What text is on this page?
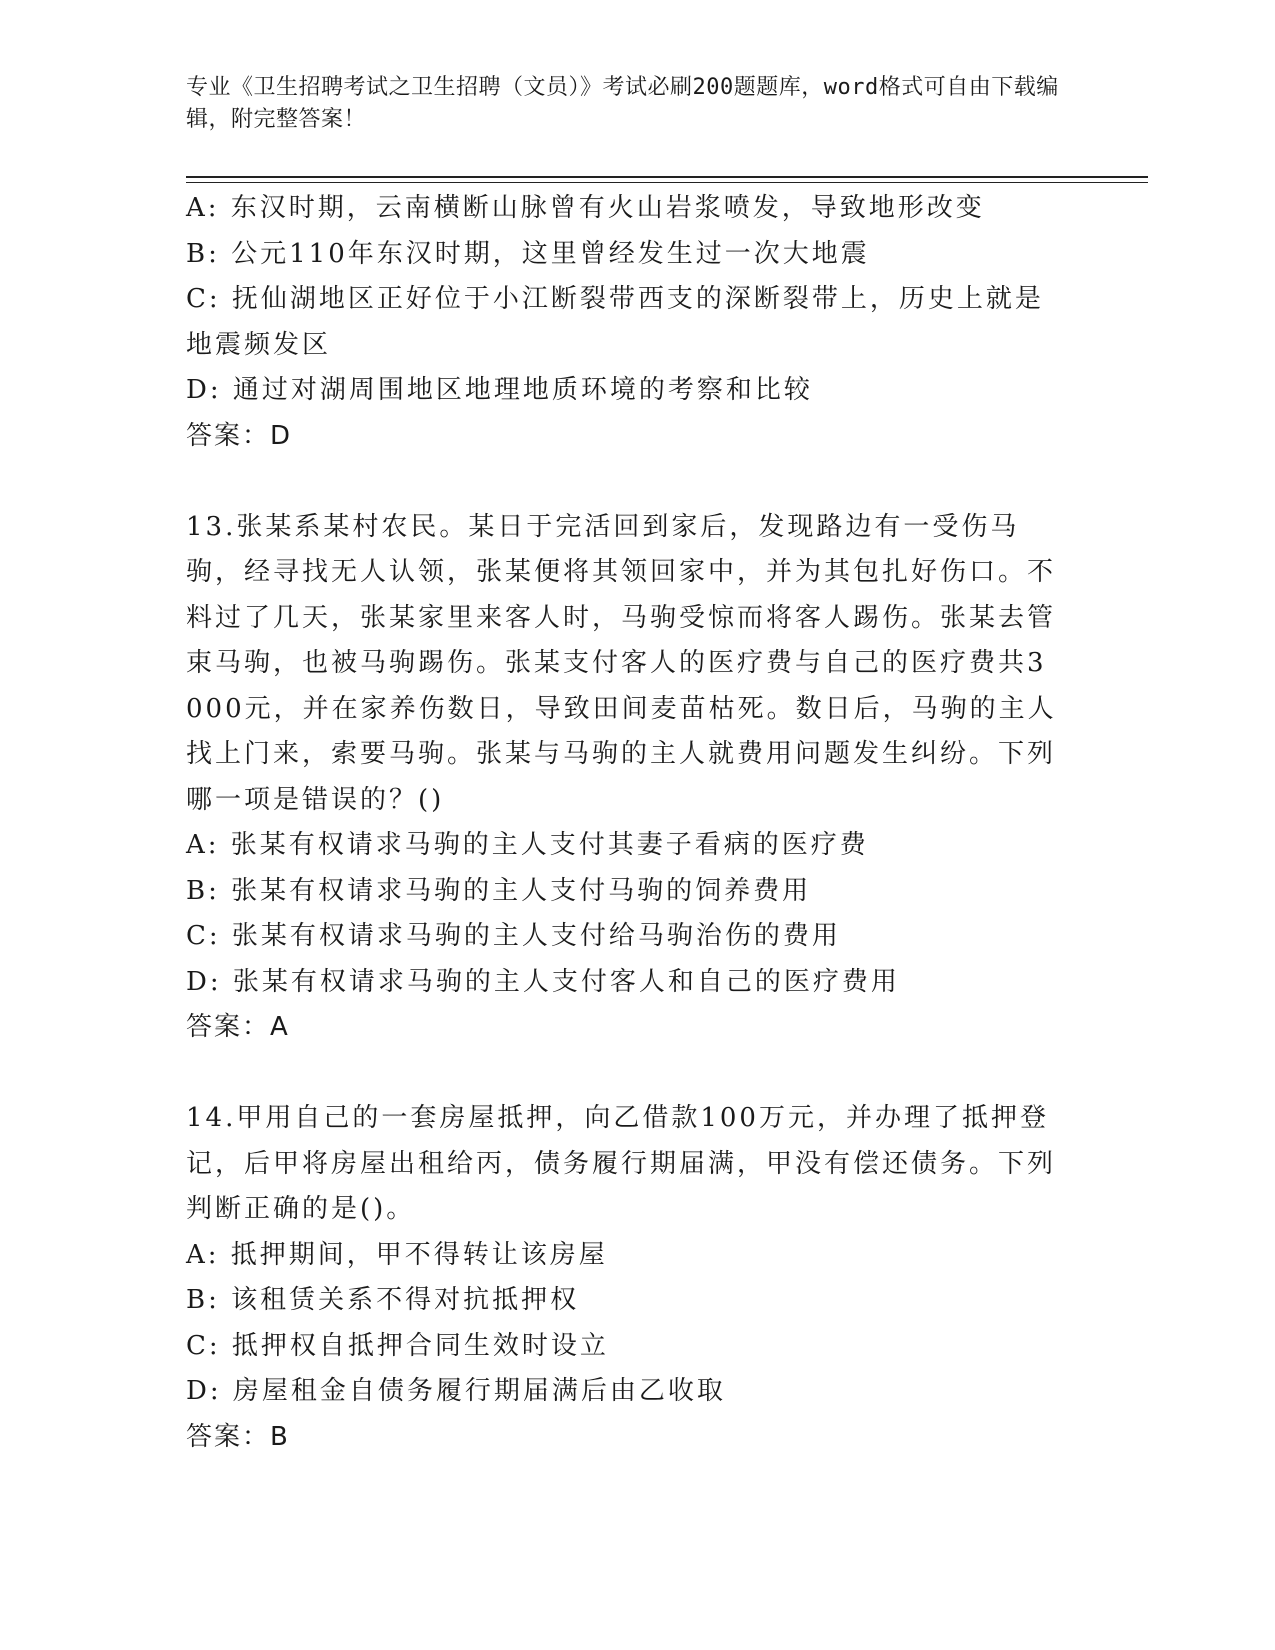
专业《卫生招聘考试之卫生招聘（文员）》考试必刷200题题库，word格式可自由下载编辑，附完整答案！
A: 东汉时期，云南横断山脉曾有火山岩浆喷发，导致地形改变
B: 公元110年东汉时期，这里曾经发生过一次大地震
C: 抚仙湖地区正好位于小江断裂带西支的深断裂带上，历史上就是地震频发区
D: 通过对湖周围地区地理地质环境的考察和比较
答案：D
13.张某系某村农民。某日于完活回到家后，发现路边有一受伤马驹，经寻找无人认领，张某便将其领回家中，并为其包扎好伤口。不料过了几天，张某家里来客人时，马驹受惊而将客人踢伤。张某去管束马驹，也被马驹踢伤。张某支付客人的医疗费与自己的医疗费共3000元，并在家养伤数日，导致田间麦苗枯死。数日后，马驹的主人找上门来，索要马驹。张某与马驹的主人就费用问题发生纠纷。下列哪一项是错误的？()
A: 张某有权请求马驹的主人支付其妻子看病的医疗费
B: 张某有权请求马驹的主人支付马驹的饲养费用
C: 张某有权请求马驹的主人支付给马驹治伤的费用
D: 张某有权请求马驹的主人支付客人和自己的医疗费用
答案：A
14.甲用自己的一套房屋抵押，向乙借款100万元，并办理了抵押登记，后甲将房屋出租给丙，债务履行期届满，甲没有偿还债务。下列判断正确的是()。
A: 抵押期间，甲不得转让该房屋
B: 该租赁关系不得对抗抵押权
C: 抵押权自抵押合同生效时设立
D: 房屋租金自债务履行期届满后由乙收取
答案：B
